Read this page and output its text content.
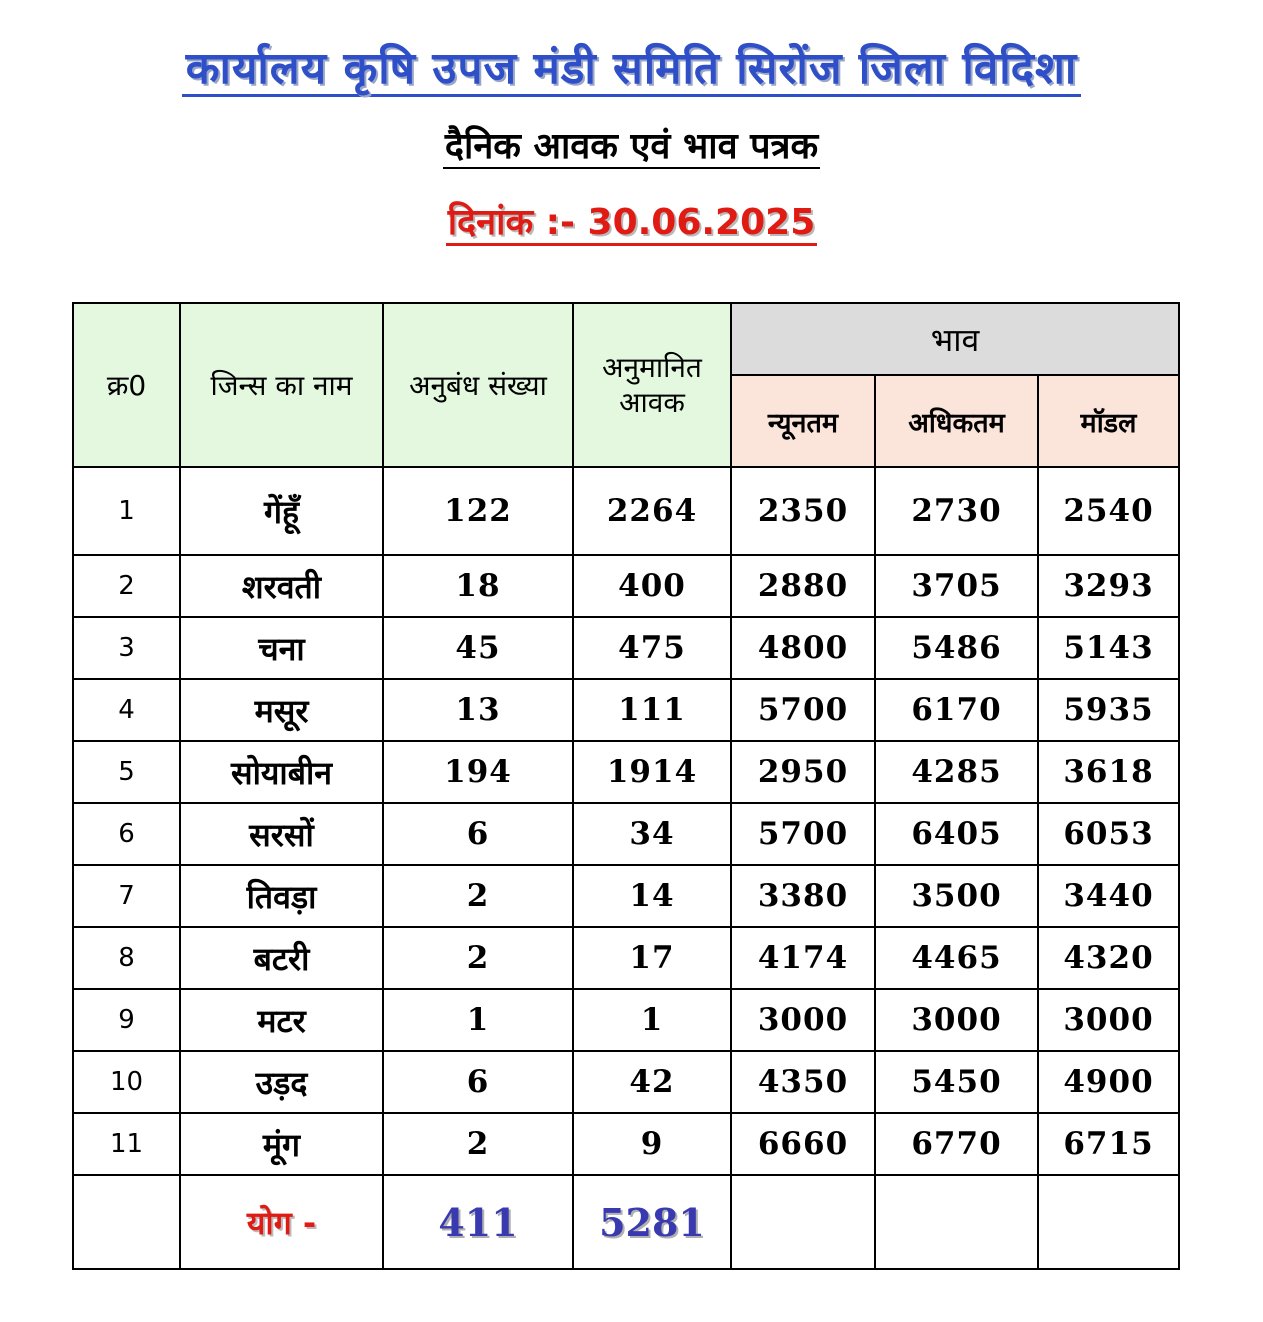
कार्यालय कृषि उपज मंडी समिति सिरोंज जिला विदिशा
दैनिक आवक एवं भाव पत्रक
दिनांक :- 30.06.2025
क्र0	जिन्स का नाम	अनुबंध संख्या	अनुमानित आवक	भाव		
				न्यूनतम	अधिकतम	मॉडल
1	गेंहूँ	122	2264	2350	2730	2540
2	शरवती	18	400	2880	3705	3293
3	चना	45	475	4800	5486	5143
4	मसूर	13	111	5700	6170	5935
5	सोयाबीन	194	1914	2950	4285	3618
6	सरसों	6	34	5700	6405	6053
7	तिवड़ा	2	14	3380	3500	3440
8	बटरी	2	17	4174	4465	4320
9	मटर	1	1	3000	3000	3000
10	उड़द	6	42	4350	5450	4900
11	मूंग	2	9	6660	6770	6715
	योग -	411	5281			
